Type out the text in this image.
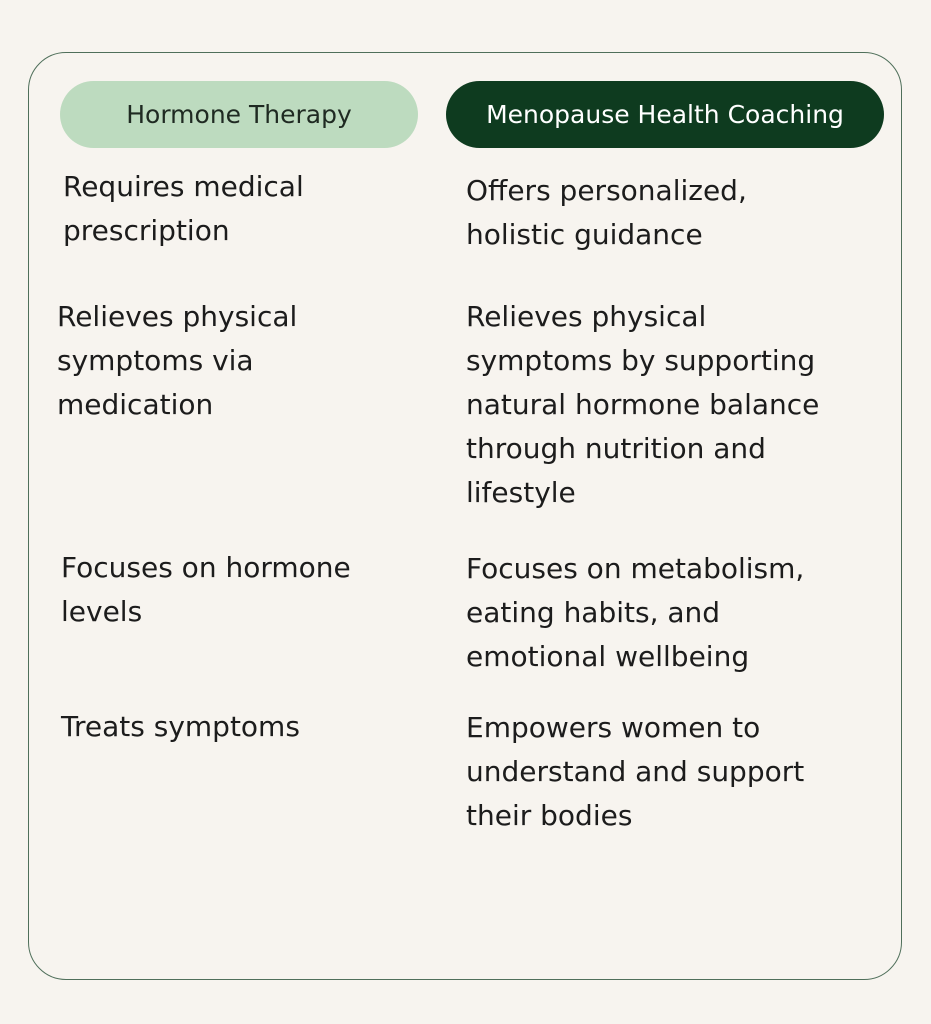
Hormone Therapy	Menopause Health Coaching
Requires medical
prescription
Offers personalized,
holistic guidance
Relieves physical
symptoms via
medication
Relieves physical
symptoms by supporting
natural hormone balance
through nutrition and
lifestyle
Focuses on hormone
levels
Focuses on metabolism,
eating habits, and
emotional wellbeing
Treats symptoms	Empowers women to
understand and support
their bodies
